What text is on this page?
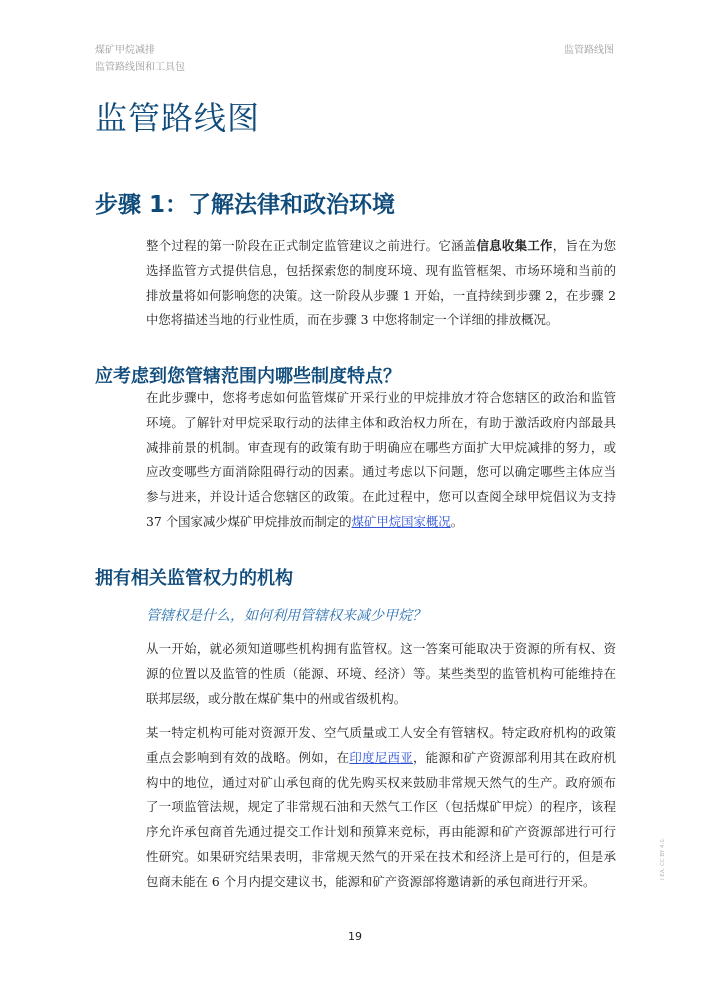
煤矿甲烷减排
监管路线图和工具包
监管路线图
监管路线图
步骤 1：了解法律和政治环境

整个过程的第一阶段在正式制定监管建议之前进行。它涵盖信息收集工作，旨在为您选择监管方式提供信息，包括探索您的制度环境、现有监管框架、市场环境和当前的排放量将如何影响您的决策。这一阶段从步骤 1 开始，一直持续到步骤 2，在步骤 2 中您将描述当地的行业性质，而在步骤 3 中您将制定一个详细的排放概况。

应考虑到您管辖范围内哪些制度特点？

在此步骤中，您将考虑如何监管煤矿开采行业的甲烷排放才符合您辖区的政治和监管环境。了解针对甲烷采取行动的法律主体和政治权力所在，有助于激活政府内部最具减排前景的机制。审查现有的政策有助于明确应在哪些方面扩大甲烷减排的努力，或应改变哪些方面消除阻碍行动的因素。通过考虑以下问题，您可以确定哪些主体应当参与进来，并设计适合您辖区的政策。在此过程中，您可以查阅全球甲烷倡议为支持 37 个国家减少煤矿甲烷排放而制定的煤矿甲烷国家概况。

拥有相关监管权力的机构
管辖权是什么，如何利用管辖权来减少甲烷？

从一开始，就必须知道哪些机构拥有监管权。这一答案可能取决于资源的所有权、资源的位置以及监管的性质（能源、环境、经济）等。某些类型的监管机构可能维持在联邦层级，或分散在煤矿集中的州或省级机构。

某一特定机构可能对资源开发、空气质量或工人安全有管辖权。特定政府机构的政策重点会影响到有效的战略。例如，在印度尼西亚，能源和矿产资源部利用其在政府机构中的地位，通过对矿山承包商的优先购买权来鼓励非常规天然气的生产。政府颁布了一项监管法规，规定了非常规石油和天然气工作区（包括煤矿甲烷）的程序，该程序允许承包商首先通过提交工作计划和预算来竞标，再由能源和矿产资源部进行可行性研究。如果研究结果表明，非常规天然气的开采在技术和经济上是可行的，但是承包商未能在 6 个月内提交建议书，能源和矿产资源部将邀请新的承包商进行开采。

19
I EA. CC BY 4.0.
